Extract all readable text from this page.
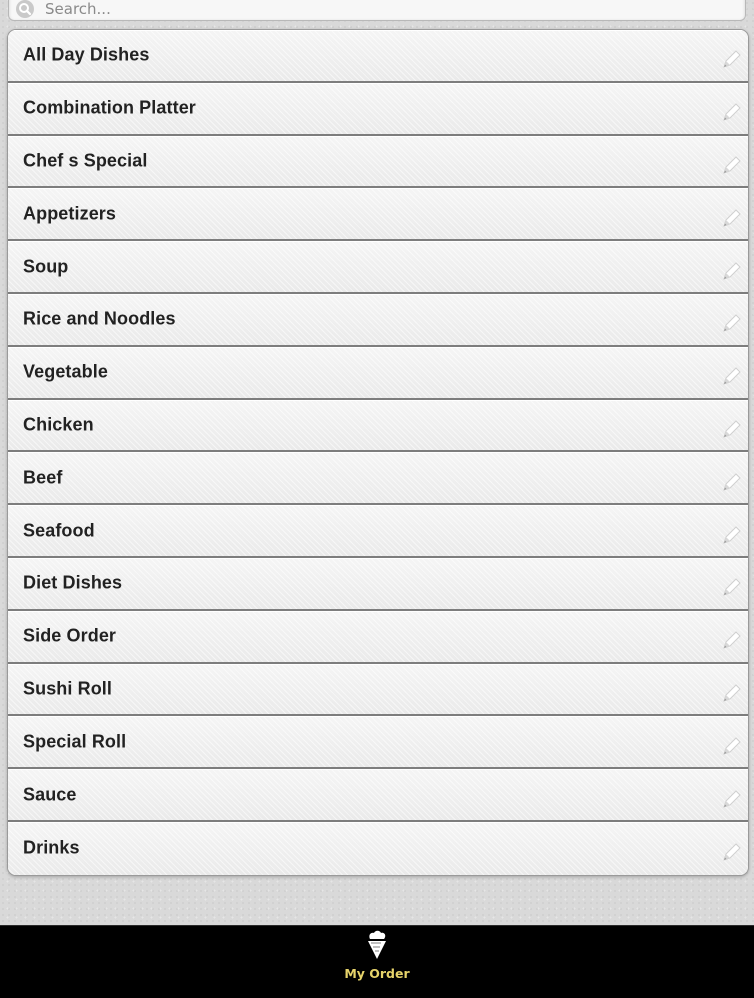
Search...
All Day Dishes
Combination Platter
Chef s Special
Appetizers
Soup
Rice and Noodles
Vegetable
Chicken
Beef
Seafood
Diet Dishes
Side Order
Sushi Roll
Special Roll
Sauce
Drinks
My Order
